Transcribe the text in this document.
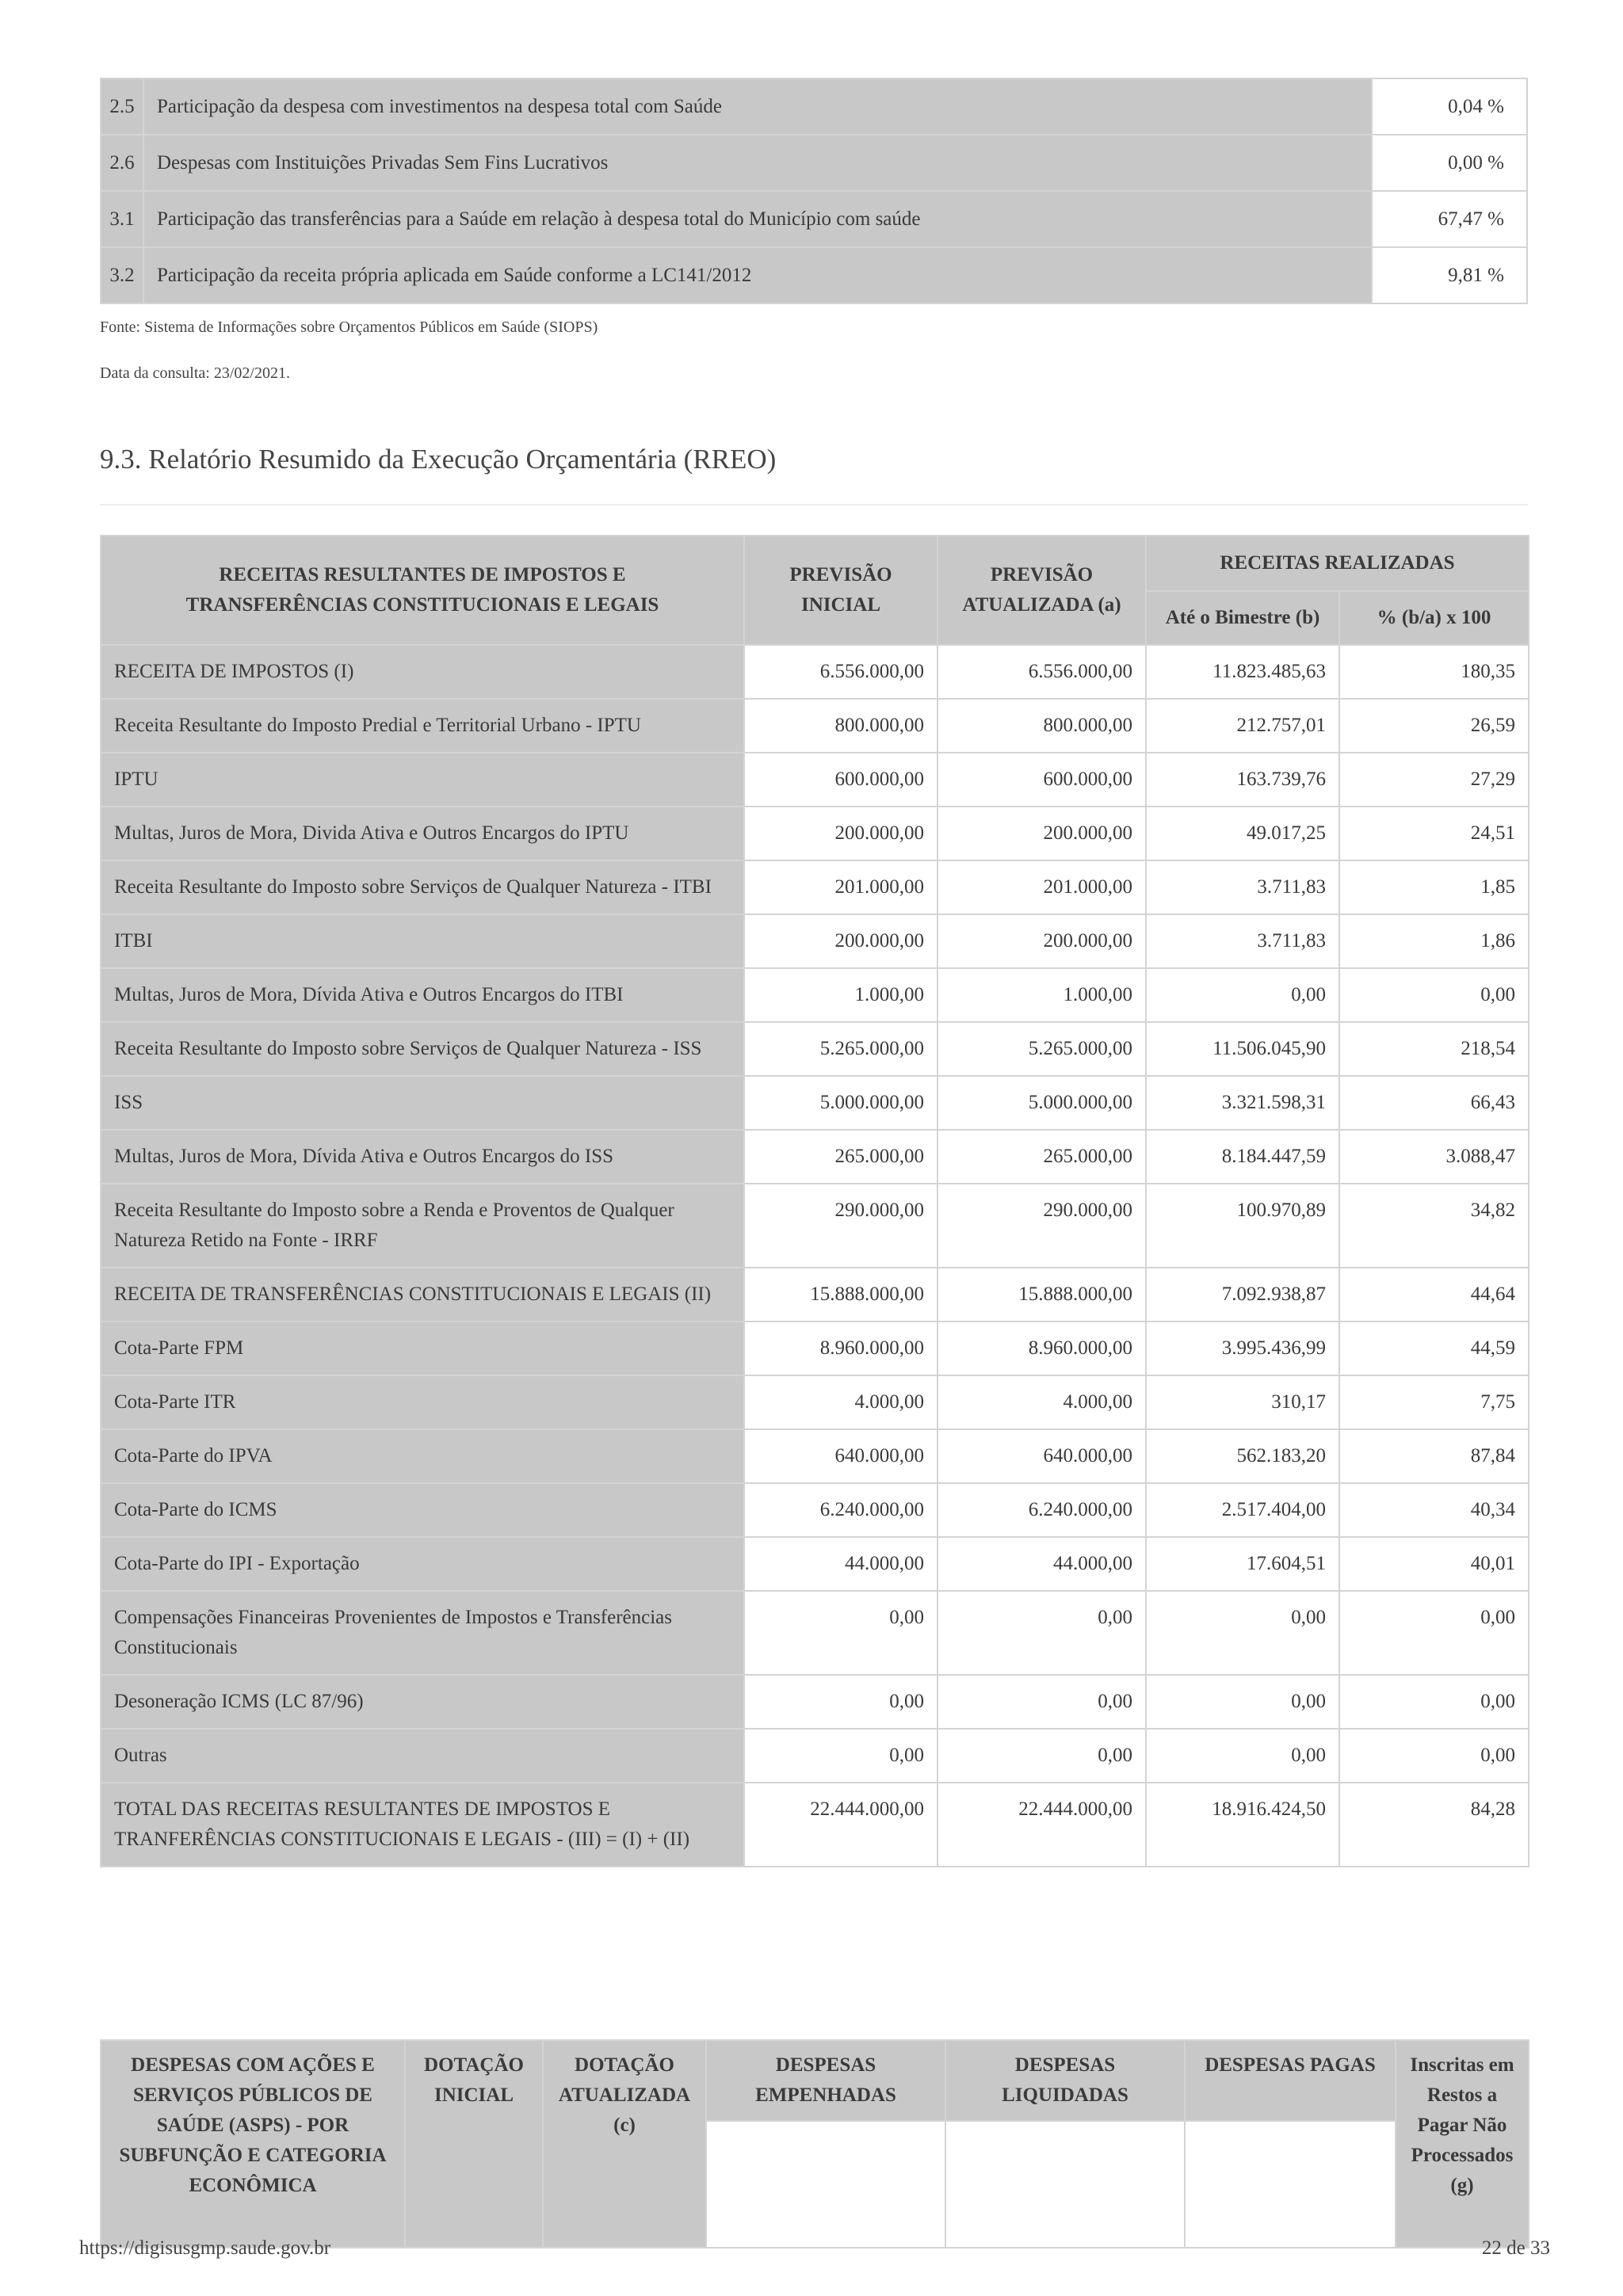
2.5	Participação da despesa com investimentos na despesa total com Saúde	0,04 %
2.6	Despesas com Instituições Privadas Sem Fins Lucrativos	0,00 %
3.1	Participação das transferências para a Saúde em relação à despesa total do Município com saúde	67,47 %
3.2	Participação da receita própria aplicada em Saúde conforme a LC141/2012	9,81 %
Fonte: Sistema de Informações sobre Orçamentos Públicos em Saúde (SIOPS)
Data da consulta: 23/02/2021.
9.3. Relatório Resumido da Execução Orçamentária (RREO)
RECEITAS RESULTANTES DE IMPOSTOS E TRANSFERÊNCIAS CONSTITUCIONAIS E LEGAIS	PREVISÃO INICIAL	PREVISÃO ATUALIZADA (a)	RECEITAS REALIZADAS	
			Até o Bimestre (b)	% (b/a) x 100
RECEITA DE IMPOSTOS (I)	6.556.000,00	6.556.000,00	11.823.485,63	180,35
Receita Resultante do Imposto Predial e Territorial Urbano - IPTU	800.000,00	800.000,00	212.757,01	26,59
IPTU	600.000,00	600.000,00	163.739,76	27,29
Multas, Juros de Mora, Divida Ativa e Outros Encargos do IPTU	200.000,00	200.000,00	49.017,25	24,51
Receita Resultante do Imposto sobre Serviços de Qualquer Natureza - ITBI	201.000,00	201.000,00	3.711,83	1,85
ITBI	200.000,00	200.000,00	3.711,83	1,86
Multas, Juros de Mora, Dívida Ativa e Outros Encargos do ITBI	1.000,00	1.000,00	0,00	0,00
Receita Resultante do Imposto sobre Serviços de Qualquer Natureza - ISS	5.265.000,00	5.265.000,00	11.506.045,90	218,54
ISS	5.000.000,00	5.000.000,00	3.321.598,31	66,43
Multas, Juros de Mora, Dívida Ativa e Outros Encargos do ISS	265.000,00	265.000,00	8.184.447,59	3.088,47
Receita Resultante do Imposto sobre a Renda e Proventos de Qualquer Natureza Retido na Fonte - IRRF	290.000,00	290.000,00	100.970,89	34,82
RECEITA DE TRANSFERÊNCIAS CONSTITUCIONAIS E LEGAIS (II)	15.888.000,00	15.888.000,00	7.092.938,87	44,64
Cota-Parte FPM	8.960.000,00	8.960.000,00	3.995.436,99	44,59
Cota-Parte ITR	4.000,00	4.000,00	310,17	7,75
Cota-Parte do IPVA	640.000,00	640.000,00	562.183,20	87,84
Cota-Parte do ICMS	6.240.000,00	6.240.000,00	2.517.404,00	40,34
Cota-Parte do IPI - Exportação	44.000,00	44.000,00	17.604,51	40,01
Compensações Financeiras Provenientes de Impostos e Transferências Constitucionais	0,00	0,00	0,00	0,00
Desoneração ICMS (LC 87/96)	0,00	0,00	0,00	0,00
Outras	0,00	0,00	0,00	0,00
TOTAL DAS RECEITAS RESULTANTES DE IMPOSTOS E TRANFERÊNCIAS CONSTITUCIONAIS E LEGAIS - (III) = (I) + (II)	22.444.000,00	22.444.000,00	18.916.424,50	84,28
DESPESAS COM AÇÕES E SERVIÇOS PÚBLICOS DE SAÚDE (ASPS) - POR SUBFUNÇÃO E CATEGORIA ECONÔMICA	DOTAÇÃO INICIAL	DOTAÇÃO ATUALIZADA (c)	DESPESAS EMPENHADAS	DESPESAS LIQUIDADAS	DESPESAS PAGAS	Inscritas em Restos a Pagar Não Processados (g)

https://digisusgmp.saude.gov.br	22 de 33
